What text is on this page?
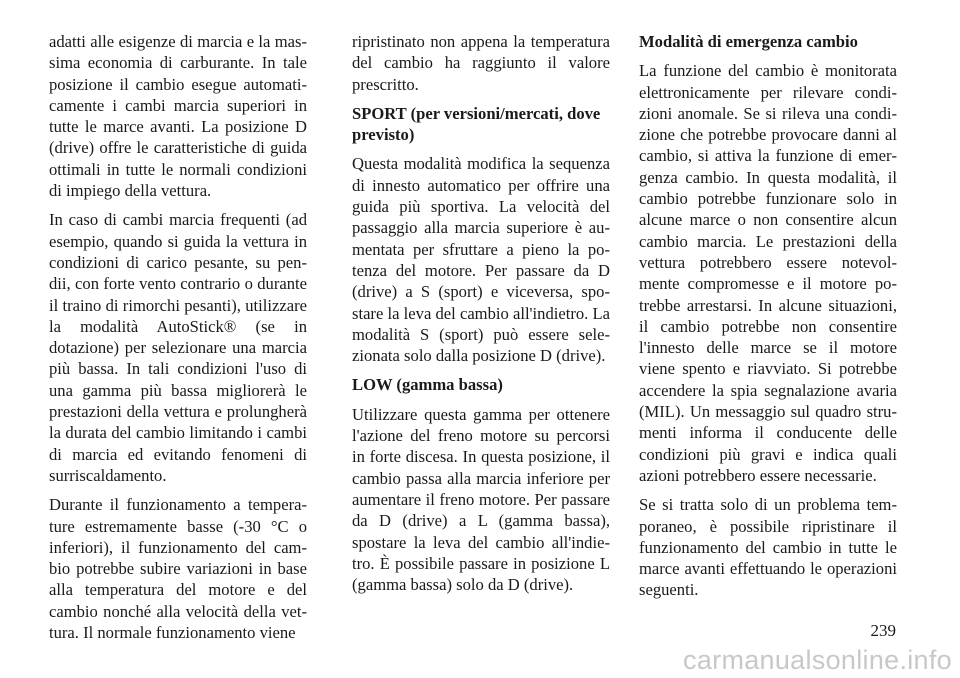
adatti alle esigenze di marcia e la massima economia di carburante. In tale posizione il cambio esegue automaticamente i cambi marcia superiori in tutte le marce avanti. La posizione D (drive) offre le caratteristiche di guida ottimali in tutte le normali condizioni di impiego della vettura.

In caso di cambi marcia frequenti (ad esempio, quando si guida la vettura in condizioni di carico pesante, su pendii, con forte vento contrario o durante il traino di rimorchi pesanti), utilizzare la modalità AutoStick® (se in dotazione) per selezionare una marcia più bassa. In tali condizioni l'uso di una gamma più bassa migliorerà le prestazioni della vettura e prolungherà la durata del cambio limitando i cambi di marcia ed evitando fenomeni di surriscaldamento.

Durante il funzionamento a temperature estremamente basse (-30 °C o inferiori), il funzionamento del cambio potrebbe subire variazioni in base alla temperatura del motore e del cambio nonché alla velocità della vettura. Il normale funzionamento viene

ripristinato non appena la temperatura del cambio ha raggiunto il valore prescritto.

SPORT (per versioni/mercati, dove previsto)

Questa modalità modifica la sequenza di innesto automatico per offrire una guida più sportiva. La velocità del passaggio alla marcia superiore è aumentata per sfruttare a pieno la potenza del motore. Per passare da D (drive) a S (sport) e viceversa, spostare la leva del cambio all'indietro. La modalità S (sport) può essere selezionata solo dalla posizione D (drive).

LOW (gamma bassa)

Utilizzare questa gamma per ottenere l'azione del freno motore su percorsi in forte discesa. In questa posizione, il cambio passa alla marcia inferiore per aumentare il freno motore. Per passare da D (drive) a L (gamma bassa), spostare la leva del cambio all'indietro. È possibile passare in posizione L (gamma bassa) solo da D (drive).

Modalità di emergenza cambio

La funzione del cambio è monitorata elettronicamente per rilevare condizioni anomale. Se si rileva una condizione che potrebbe provocare danni al cambio, si attiva la funzione di emergenza cambio. In questa modalità, il cambio potrebbe funzionare solo in alcune marce o non consentire alcun cambio marcia. Le prestazioni della vettura potrebbero essere notevolmente compromesse e il motore potrebbe arrestarsi. In alcune situazioni, il cambio potrebbe non consentire l'innesto delle marce se il motore viene spento e riavviato. Si potrebbe accendere la spia segnalazione avaria (MIL). Un messaggio sul quadro strumenti informa il conducente delle condizioni più gravi e indica quali azioni potrebbero essere necessarie.

Se si tratta solo di un problema temporaneo, è possibile ripristinare il funzionamento del cambio in tutte le marce avanti effettuando le operazioni seguenti.

239
carmanualsonline.info
